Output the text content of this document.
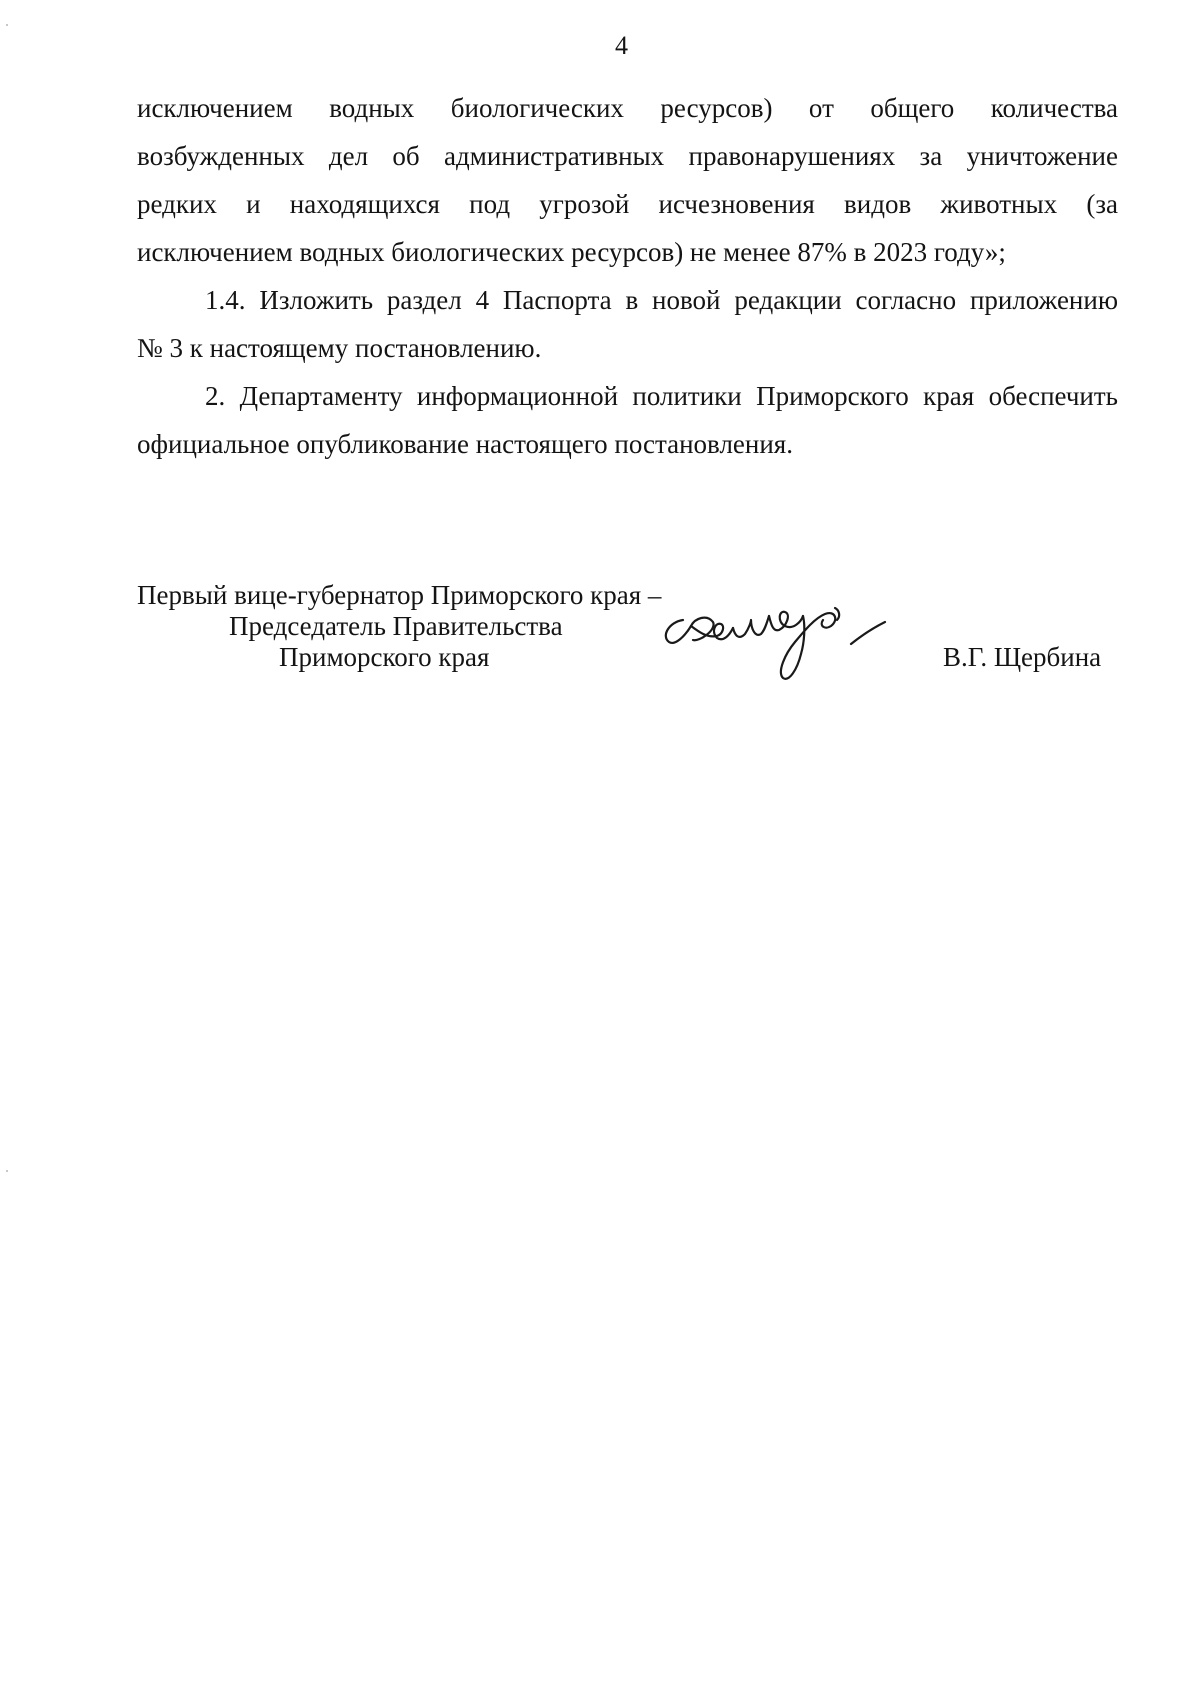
4

исключением водных биологических ресурсов) от общего количества
возбужденных дел об административных правонарушениях за уничтожение
редких и находящихся под угрозой исчезновения видов животных (за
исключением водных биологических ресурсов) не менее 87% в 2023 году»;

1.4. Изложить раздел 4 Паспорта в новой редакции согласно приложению
№ 3 к настоящему постановлению.

2. Департаменту информационной политики Приморского края обеспечить
официальное опубликование настоящего постановления.

Первый вице-губернатор Приморского края –
Председатель Правительства
Приморского края	В.Г. Щербина
